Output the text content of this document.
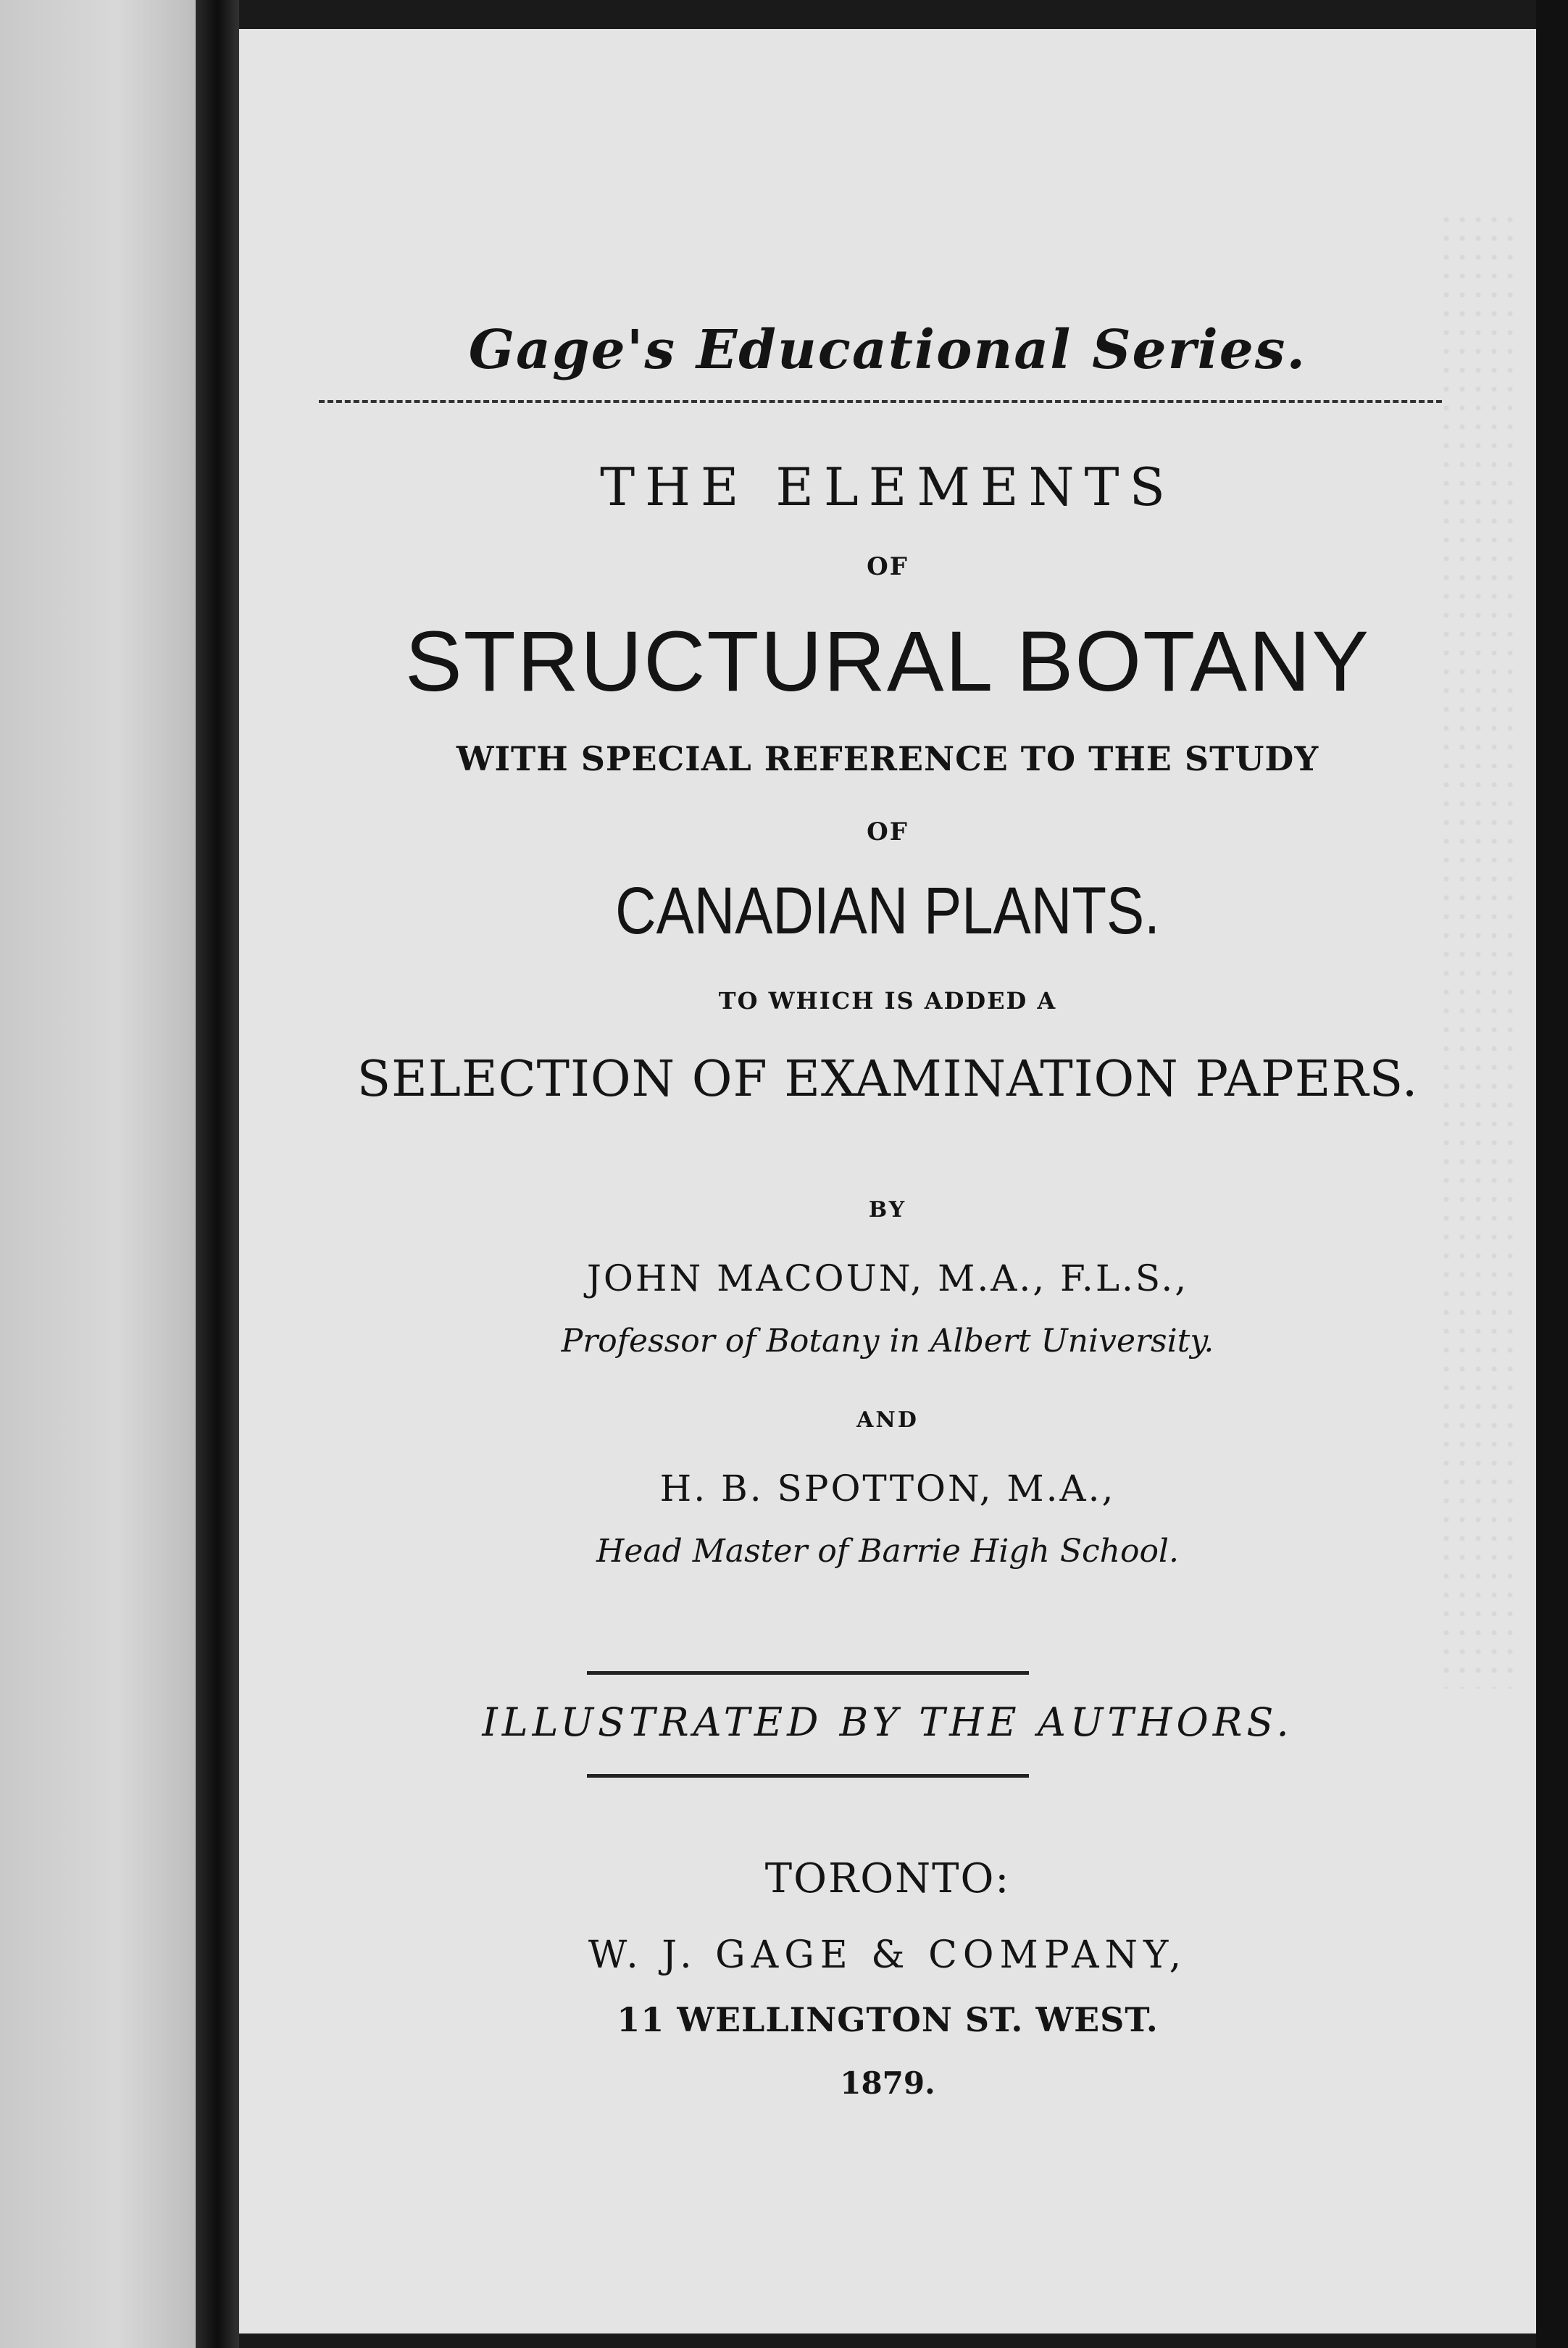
Gage's Educational Series.
THE ELEMENTS
OF
STRUCTURAL BOTANY
WITH SPECIAL REFERENCE TO THE STUDY
OF
CANADIAN PLANTS.
TO WHICH IS ADDED A
SELECTION OF EXAMINATION PAPERS.
BY
JOHN MACOUN, M.A., F.L.S.,
Professor of Botany in Albert University.
AND
H. B. SPOTTON, M.A.,
Head Master of Barrie High School.
ILLUSTRATED BY THE AUTHORS.
TORONTO:
W. J. GAGE & COMPANY,
11 WELLINGTON ST. WEST.
1879.
